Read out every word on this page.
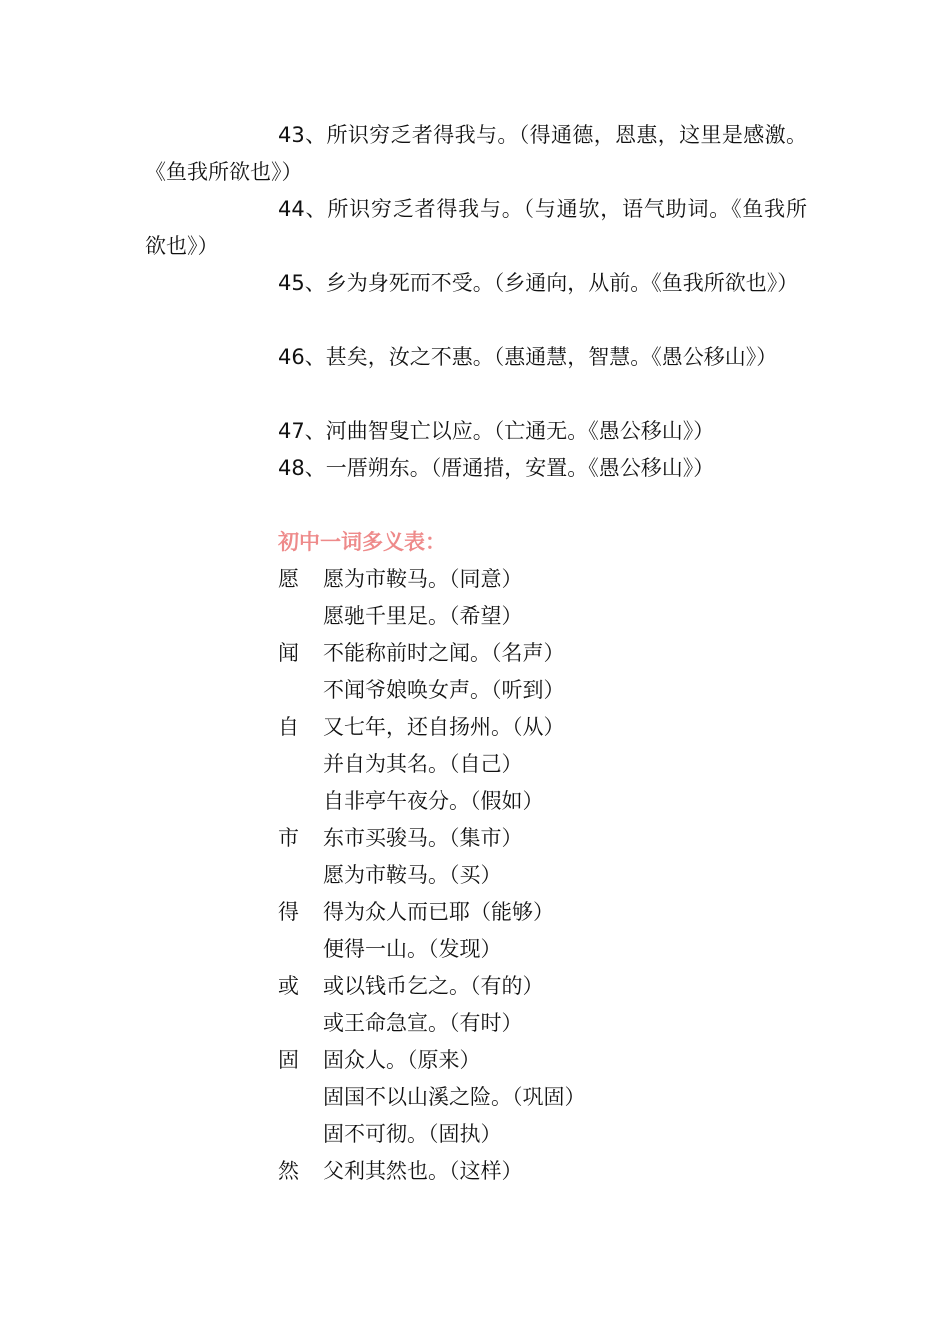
43、所识穷乏者得我与。（得通德，恩惠，这里是感激。《鱼我所欲也》）

44、所识穷乏者得我与。（与通欤，语气助词。《鱼我所欲也》）

45、乡为身死而不受。（乡通向，从前。《鱼我所欲也》）

46、甚矣，汝之不惠。（惠通慧，智慧。《愚公移山》）

47、河曲智叟亡以应。（亡通无。《愚公移山》）

48、一厝朔东。（厝通措，安置。《愚公移山》）

初中一词多义表：
愿	愿为市鞍马。（同意）
愿驰千里足。（希望）
闻	不能称前时之闻。（名声）
不闻爷娘唤女声。（听到）
自	又七年，还自扬州。（从）
并自为其名。（自己）
自非亭午夜分。（假如）
市	东市买骏马。（集市）
愿为市鞍马。（买）
得	得为众人而已耶（能够）
便得一山。（发现）
或	或以钱币乞之。（有的）
或王命急宣。（有时）
固	固众人。（原来）
固国不以山溪之险。（巩固）
固不可彻。（固执）
然	父利其然也。（这样）
